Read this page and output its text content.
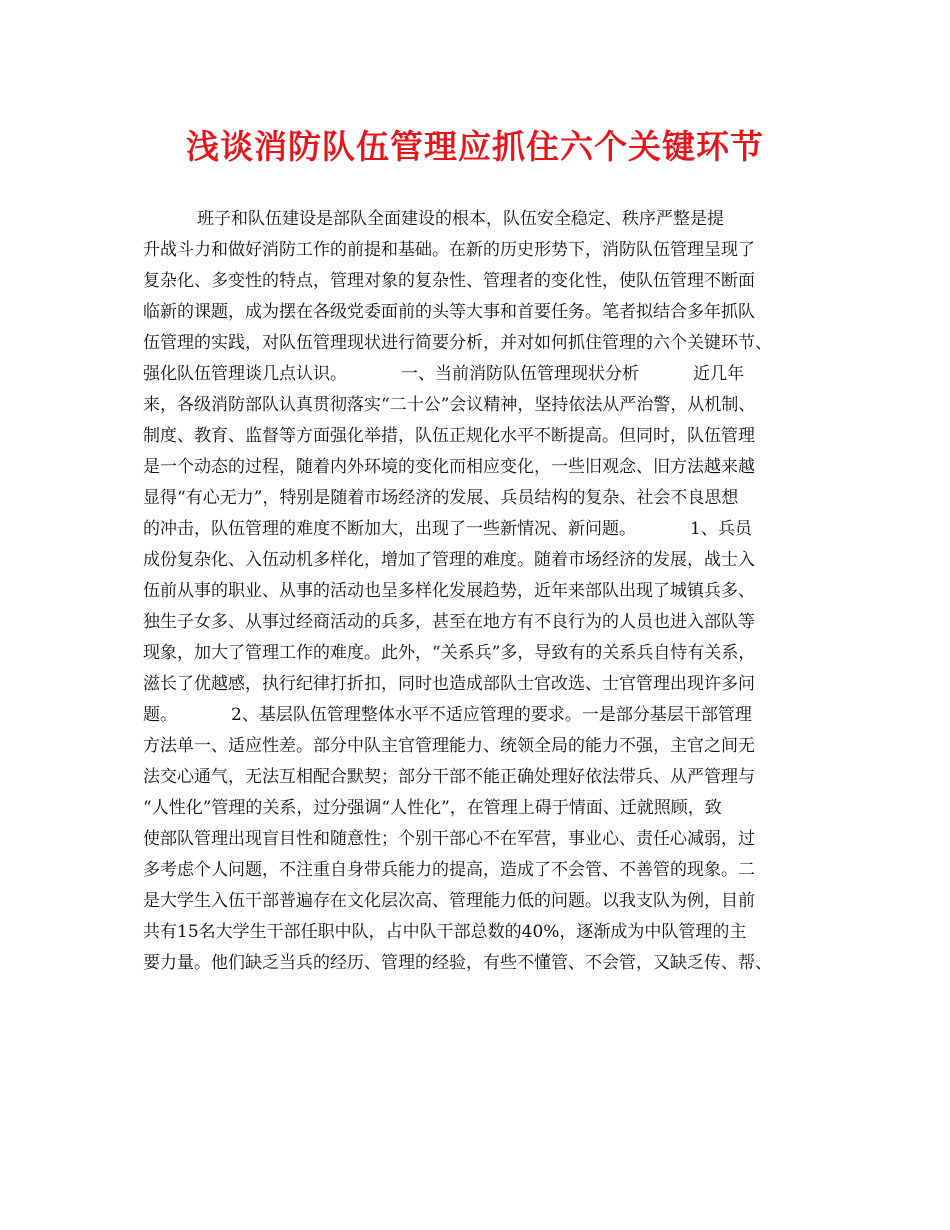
浅谈消防队伍管理应抓住六个关键环节
班子和队伍建设是部队全面建设的根本，队伍安全稳定、秩序严整是提
升战斗力和做好消防工作的前提和基础。在新的历史形势下，消防队伍管理呈现了
复杂化、多变性的特点，管理对象的复杂性、管理者的变化性，使队伍管理不断面
临新的课题，成为摆在各级党委面前的头等大事和首要任务。笔者拟结合多年抓队
伍管理的实践，对队伍管理现状进行简要分析，并对如何抓住管理的六个关键环节、
强化队伍管理谈几点认识。          一、当前消防队伍管理现状分析          近几年
来，各级消防部队认真贯彻落实“二十公”会议精神，坚持依法从严治警，从机制、
制度、教育、监督等方面强化举措，队伍正规化水平不断提高。但同时，队伍管理
是一个动态的过程，随着内外环境的变化而相应变化，一些旧观念、旧方法越来越
显得“有心无力”，特别是随着市场经济的发展、兵员结构的复杂、社会不良思想
的冲击，队伍管理的难度不断加大，出现了一些新情况、新问题。          1、兵员
成份复杂化、入伍动机多样化，增加了管理的难度。随着市场经济的发展，战士入
伍前从事的职业、从事的活动也呈多样化发展趋势，近年来部队出现了城镇兵多、
独生子女多、从事过经商活动的兵多，甚至在地方有不良行为的人员也进入部队等
现象，加大了管理工作的难度。此外，“关系兵”多，导致有的关系兵自恃有关系，
滋长了优越感，执行纪律打折扣，同时也造成部队士官改选、士官管理出现许多问
题。          2、基层队伍管理整体水平不适应管理的要求。一是部分基层干部管理
方法单一、适应性差。部分中队主官管理能力、统领全局的能力不强，主官之间无
法交心通气，无法互相配合默契；部分干部不能正确处理好依法带兵、从严管理与
“人性化”管理的关系，过分强调“人性化”，在管理上碍于情面、迁就照顾，致
使部队管理出现盲目性和随意性；个别干部心不在军营，事业心、责任心减弱，过
多考虑个人问题，不注重自身带兵能力的提高，造成了不会管、不善管的现象。二
是大学生入伍干部普遍存在文化层次高、管理能力低的问题。以我支队为例，目前
共有15名大学生干部任职中队，占中队干部总数的40%，逐渐成为中队管理的主
要力量。他们缺乏当兵的经历、管理的经验，有些不懂管、不会管，又缺乏传、帮、
